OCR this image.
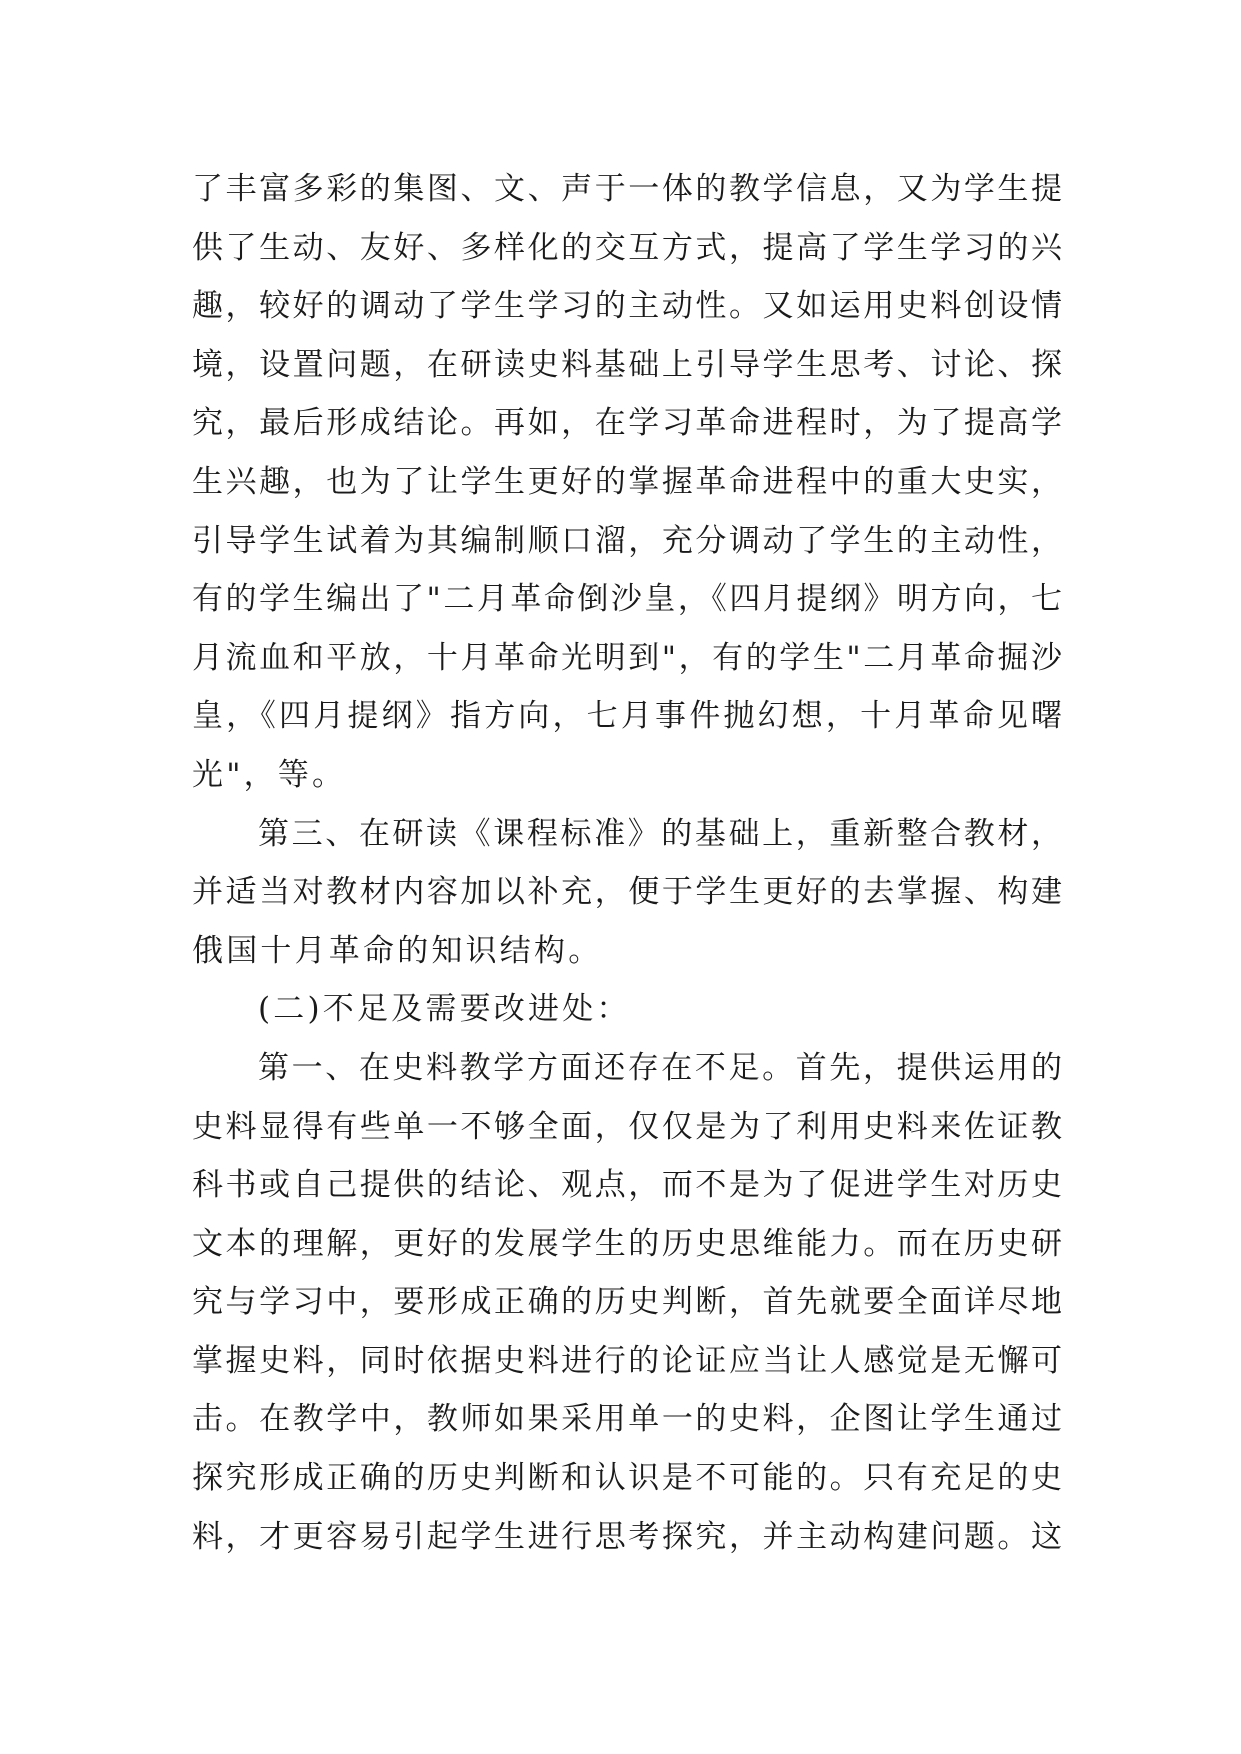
了丰富多彩的集图、文、声于一体的教学信息，又为学生提
供了生动、友好、多样化的交互方式，提高了学生学习的兴
趣，较好的调动了学生学习的主动性。又如运用史料创设情
境，设置问题，在研读史料基础上引导学生思考、讨论、探
究，最后形成结论。再如，在学习革命进程时，为了提高学
生兴趣，也为了让学生更好的掌握革命进程中的重大史实，
引导学生试着为其编制顺口溜，充分调动了学生的主动性，
有的学生编出了"二月革命倒沙皇，《四月提纲》明方向，七
月流血和平放，十月革命光明到"，有的学生"二月革命掘沙
皇，《四月提纲》指方向，七月事件抛幻想，十月革命见曙
光"，等。
第三、在研读《课程标准》的基础上，重新整合教材，
并适当对教材内容加以补充，便于学生更好的去掌握、构建
俄国十月革命的知识结构。
(二)不足及需要改进处：
第一、在史料教学方面还存在不足。首先，提供运用的
史料显得有些单一不够全面，仅仅是为了利用史料来佐证教
科书或自己提供的结论、观点，而不是为了促进学生对历史
文本的理解，更好的发展学生的历史思维能力。而在历史研
究与学习中，要形成正确的历史判断，首先就要全面详尽地
掌握史料，同时依据史料进行的论证应当让人感觉是无懈可
击。在教学中，教师如果采用单一的史料，企图让学生通过
探究形成正确的历史判断和认识是不可能的。只有充足的史
料，才更容易引起学生进行思考探究，并主动构建问题。这
